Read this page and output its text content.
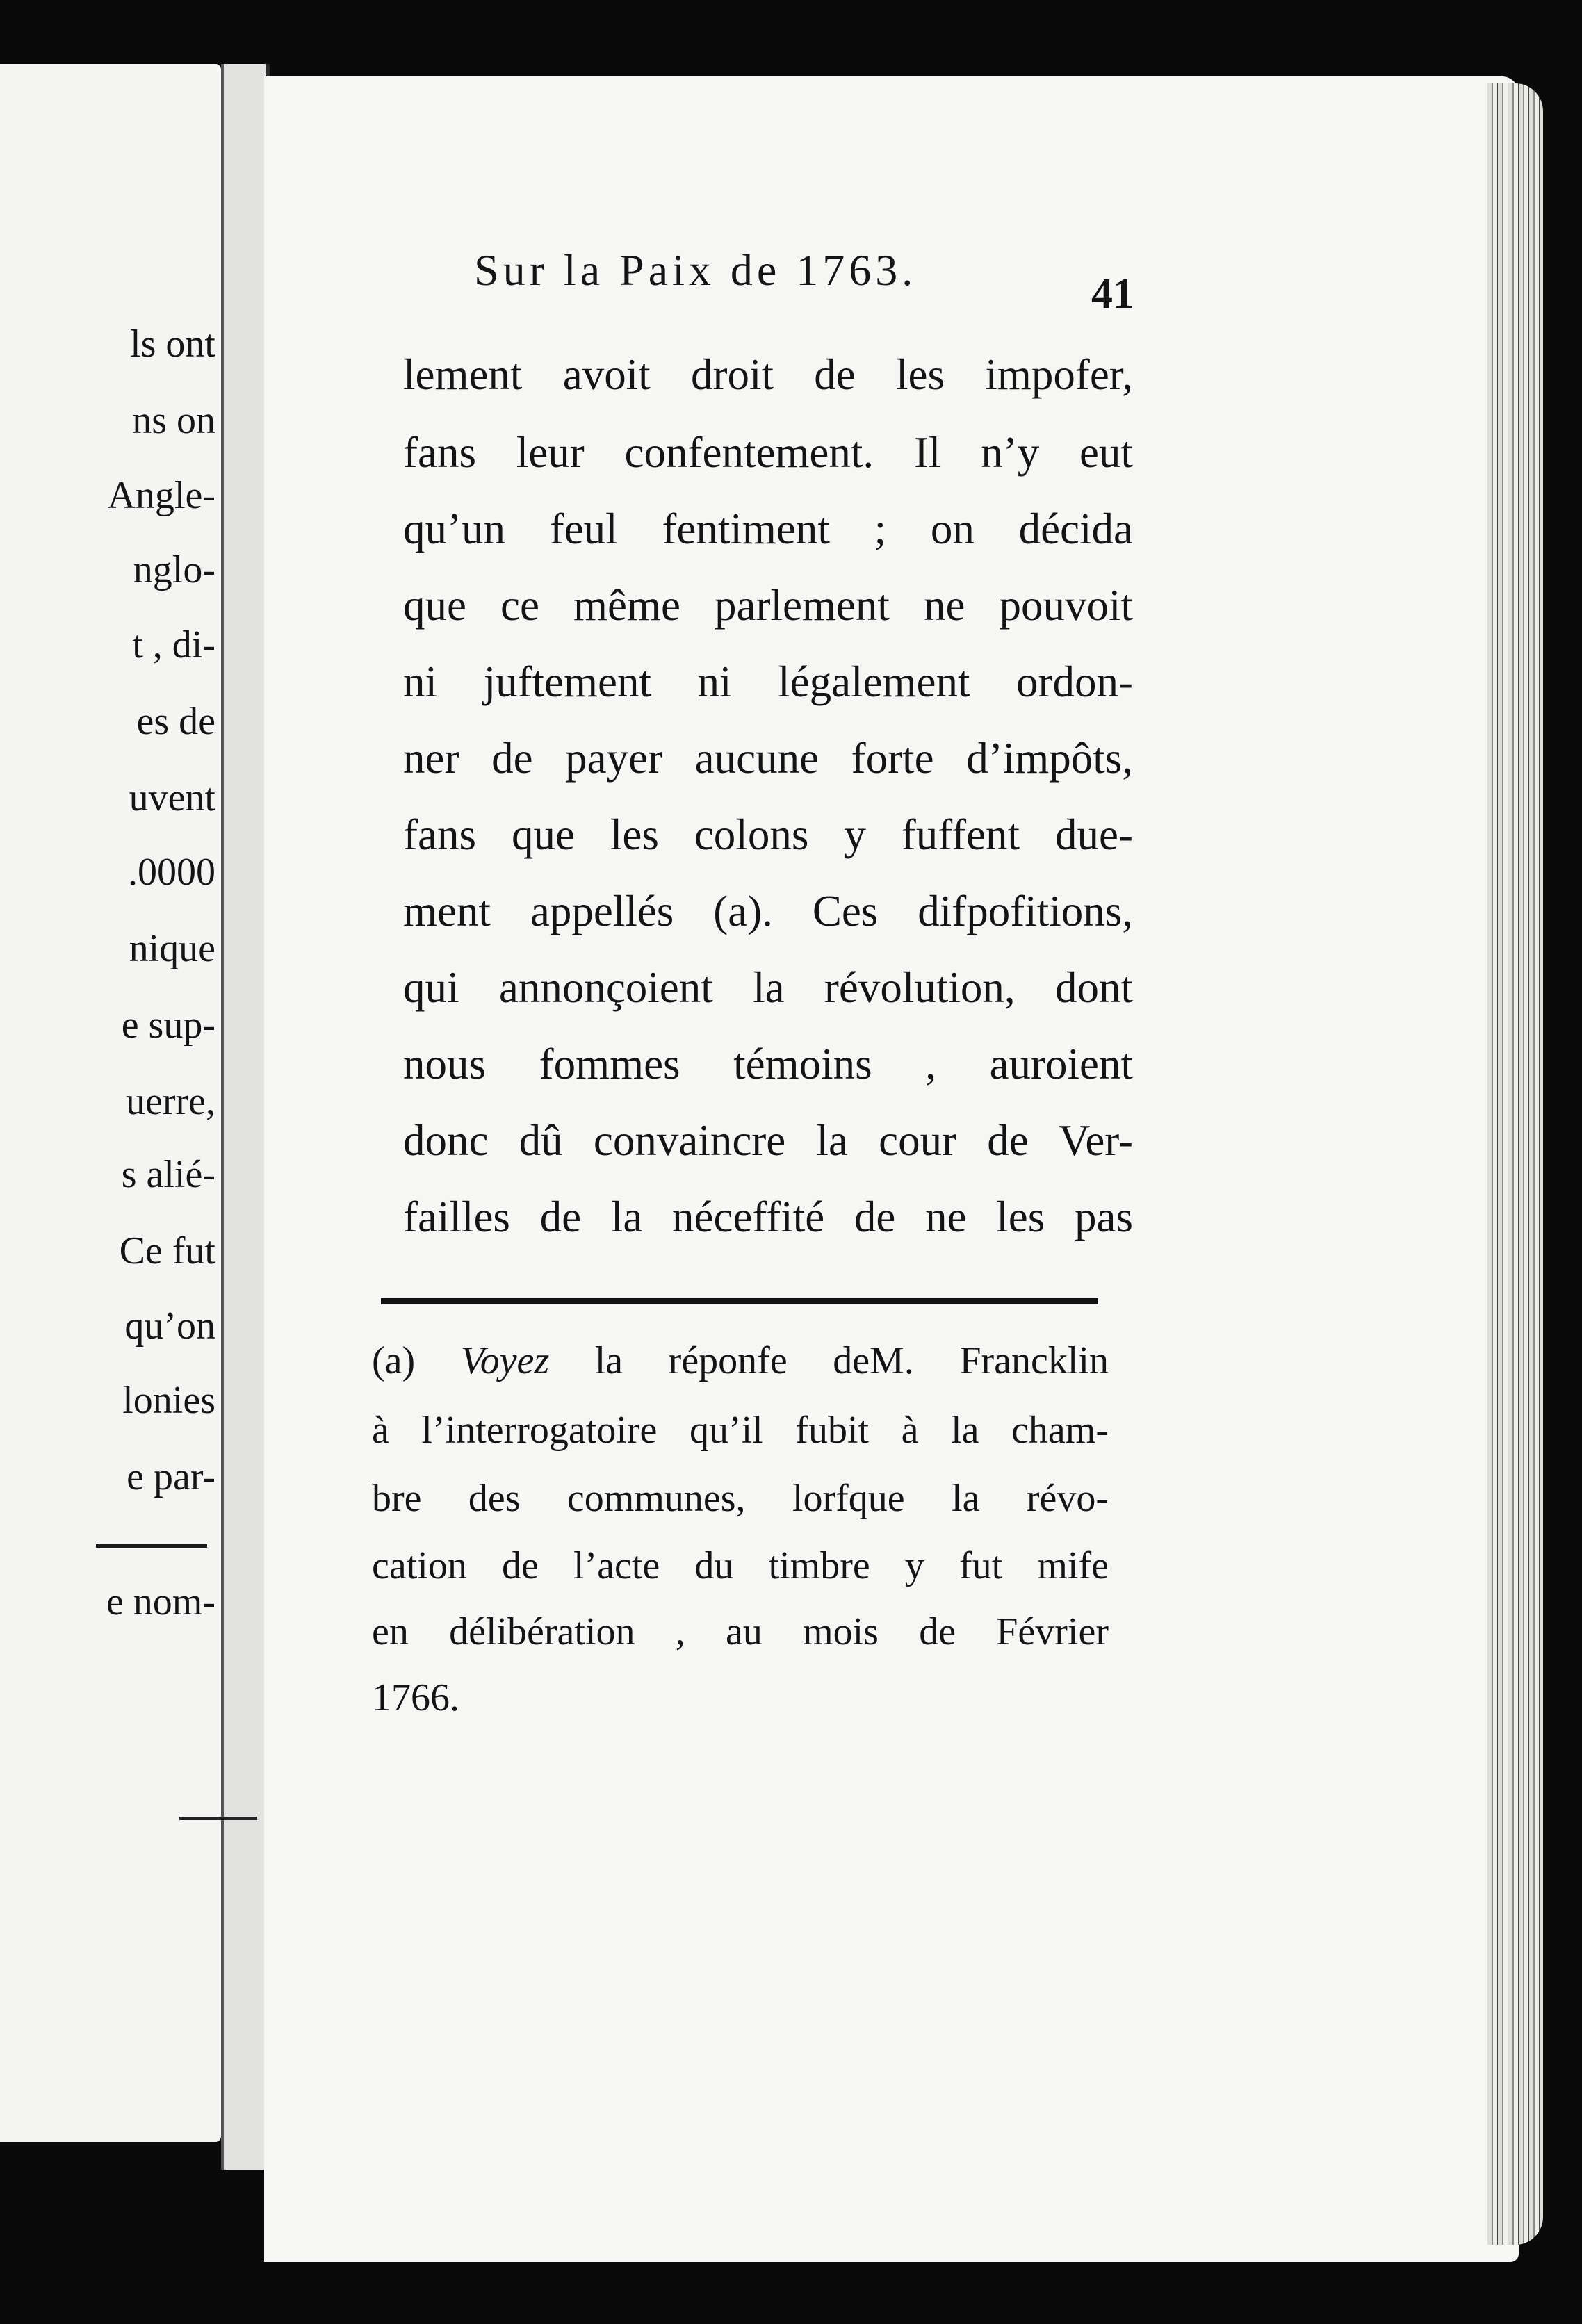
ls ont
ns on
Angle-
nglo-
t , di-
es de
uvent
.0000
nique
e sup-
uerre,
s alié-
Ce fut
qu’on
lonies
e par-
e nom-
Sur la Paix de 1763.	41
lement avoit droit de les impofer,
fans leur confentement. Il n’y eut
qu’un feul fentiment ; on décida
que ce même parlement ne pouvoit
ni juftement ni légalement ordon-
ner de payer aucune forte d’impôts,
fans que les colons y fuffent due-
ment appellés (a). Ces difpofitions,
qui annonçoient la révolution, dont
nous fommes témoins , auroient
donc dû convaincre la cour de Ver-
failles de la néceffité de ne les pas
(a) Voyez la réponfe deM. Francklin
à l’interrogatoire qu’il fubit à la cham-
bre des communes, lorfque la révo-
cation de l’acte du timbre y fut mife
en délibération , au mois de Février
1766.
